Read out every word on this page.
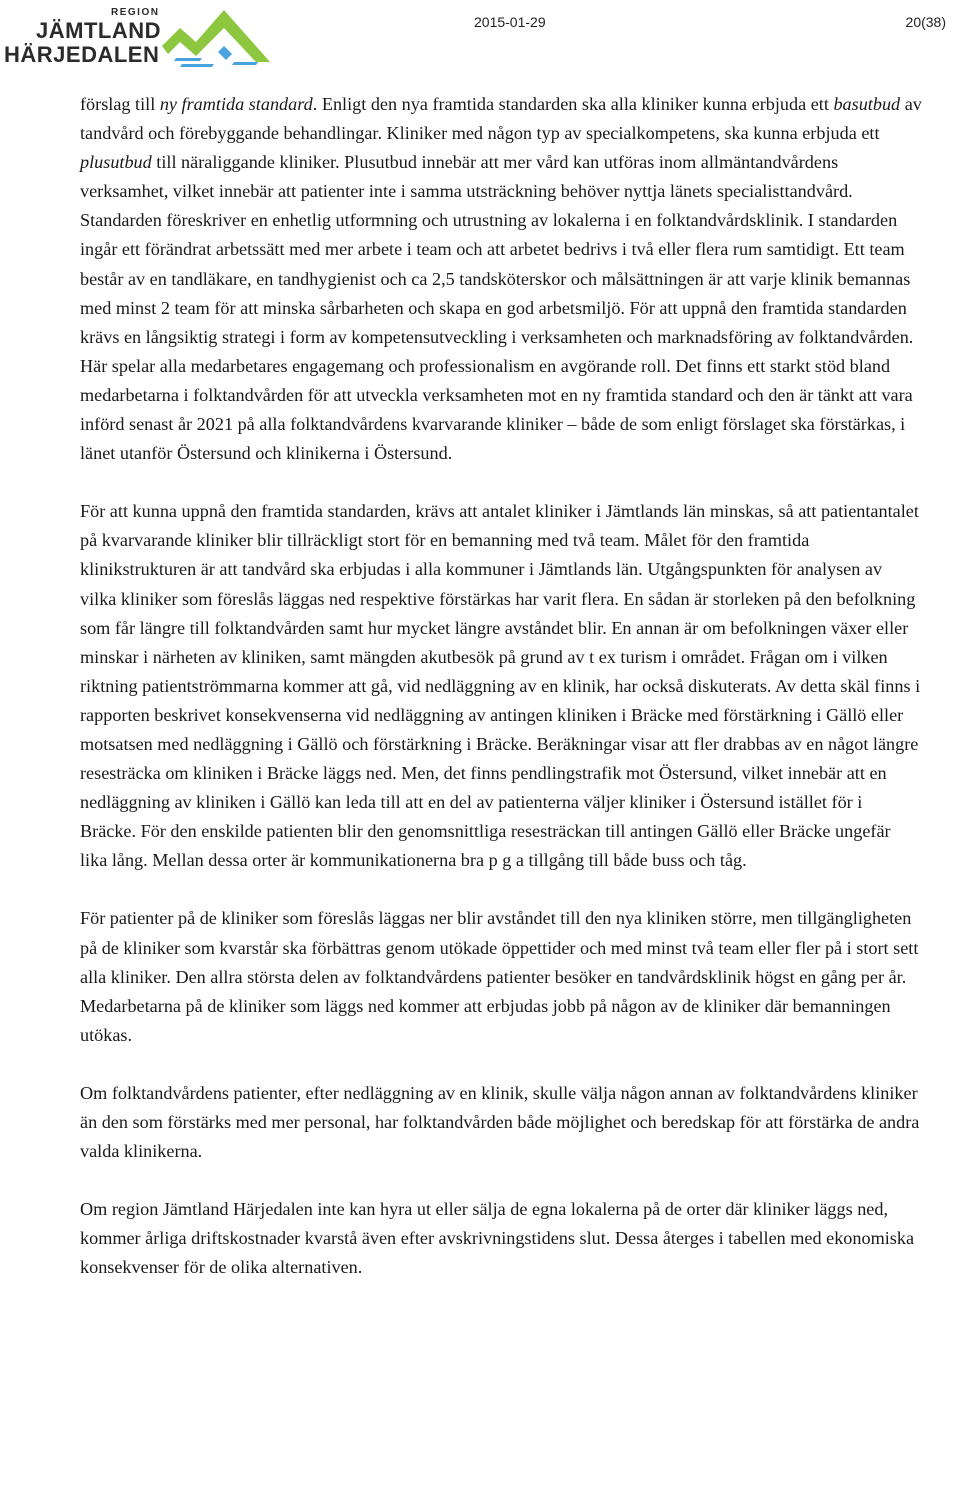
REGION
JÄMTLAND
HÄRJEDALEN
2015-01-29	20(38)

förslag till ny framtida standard. Enligt den nya framtida standarden ska alla kliniker kunna erbjuda ett basutbud av tandvård och förebyggande behandlingar. Kliniker med någon typ av specialkompetens, ska kunna erbjuda ett plusutbud till näraliggande kliniker. Plusutbud innebär att mer vård kan utföras inom allmäntandvårdens verksamhet, vilket innebär att patienter inte i samma utsträckning behöver nyttja länets specialisttandvård. Standarden föreskriver en enhetlig utformning och utrustning av lokalerna i en folktandvårdsklinik. I standarden ingår ett förändrat arbetssätt med mer arbete i team och att arbetet bedrivs i två eller flera rum samtidigt. Ett team består av en tandläkare, en tandhygienist och ca 2,5 tandsköterskor och målsättningen är att varje klinik bemannas med minst 2 team för att minska sårbarheten och skapa en god arbetsmiljö. För att uppnå den framtida standarden krävs en långsiktig strategi i form av kompetensutveckling i verksamheten och marknadsföring av folktandvården. Här spelar alla medarbetares engagemang och professionalism en avgörande roll. Det finns ett starkt stöd bland medarbetarna i folktandvården för att utveckla verksamheten mot en ny framtida standard och den är tänkt att vara införd senast år 2021 på alla folktandvårdens kvarvarande kliniker – både de som enligt förslaget ska förstärkas, i länet utanför Östersund och klinikerna i Östersund.

För att kunna uppnå den framtida standarden, krävs att antalet kliniker i Jämtlands län minskas, så att patientantalet på kvarvarande kliniker blir tillräckligt stort för en bemanning med två team. Målet för den framtida klinikstrukturen är att tandvård ska erbjudas i alla kommuner i Jämtlands län. Utgångspunkten för analysen av vilka kliniker som föreslås läggas ned respektive förstärkas har varit flera. En sådan är storleken på den befolkning som får längre till folktandvården samt hur mycket längre avståndet blir. En annan är om befolkningen växer eller minskar i närheten av kliniken, samt mängden akutbesök på grund av t ex turism i området. Frågan om i vilken riktning patientströmmarna kommer att gå, vid nedläggning av en klinik, har också diskuterats. Av detta skäl finns i rapporten beskrivet konsekvenserna vid nedläggning av antingen kliniken i Bräcke med förstärkning i Gällö eller motsatsen med nedläggning i Gällö och förstärkning i Bräcke. Beräkningar visar att fler drabbas av en något längre resesträcka om kliniken i Bräcke läggs ned. Men, det finns pendlingstrafik mot Östersund, vilket innebär att en nedläggning av kliniken i Gällö kan leda till att en del av patienterna väljer kliniker i Östersund istället för i Bräcke. För den enskilde patienten blir den genomsnittliga resesträckan till antingen Gällö eller Bräcke ungefär lika lång. Mellan dessa orter är kommunikationerna bra p g a tillgång till både buss och tåg.

För patienter på de kliniker som föreslås läggas ner blir avståndet till den nya kliniken större, men tillgängligheten på de kliniker som kvarstår ska förbättras genom utökade öppettider och med minst två team eller fler på i stort sett alla kliniker. Den allra största delen av folktandvårdens patienter besöker en tandvårdsklinik högst en gång per år. Medarbetarna på de kliniker som läggs ned kommer att erbjudas jobb på någon av de kliniker där bemanningen utökas.

Om folktandvårdens patienter, efter nedläggning av en klinik, skulle välja någon annan av folktandvårdens kliniker än den som förstärks med mer personal, har folktandvården både möjlighet och beredskap för att förstärka de andra valda klinikerna.

Om region Jämtland Härjedalen inte kan hyra ut eller sälja de egna lokalerna på de orter där kliniker läggs ned, kommer årliga driftskostnader kvarstå även efter avskrivningstidens slut. Dessa återges i tabellen med ekonomiska konsekvenser för de olika alternativen.
